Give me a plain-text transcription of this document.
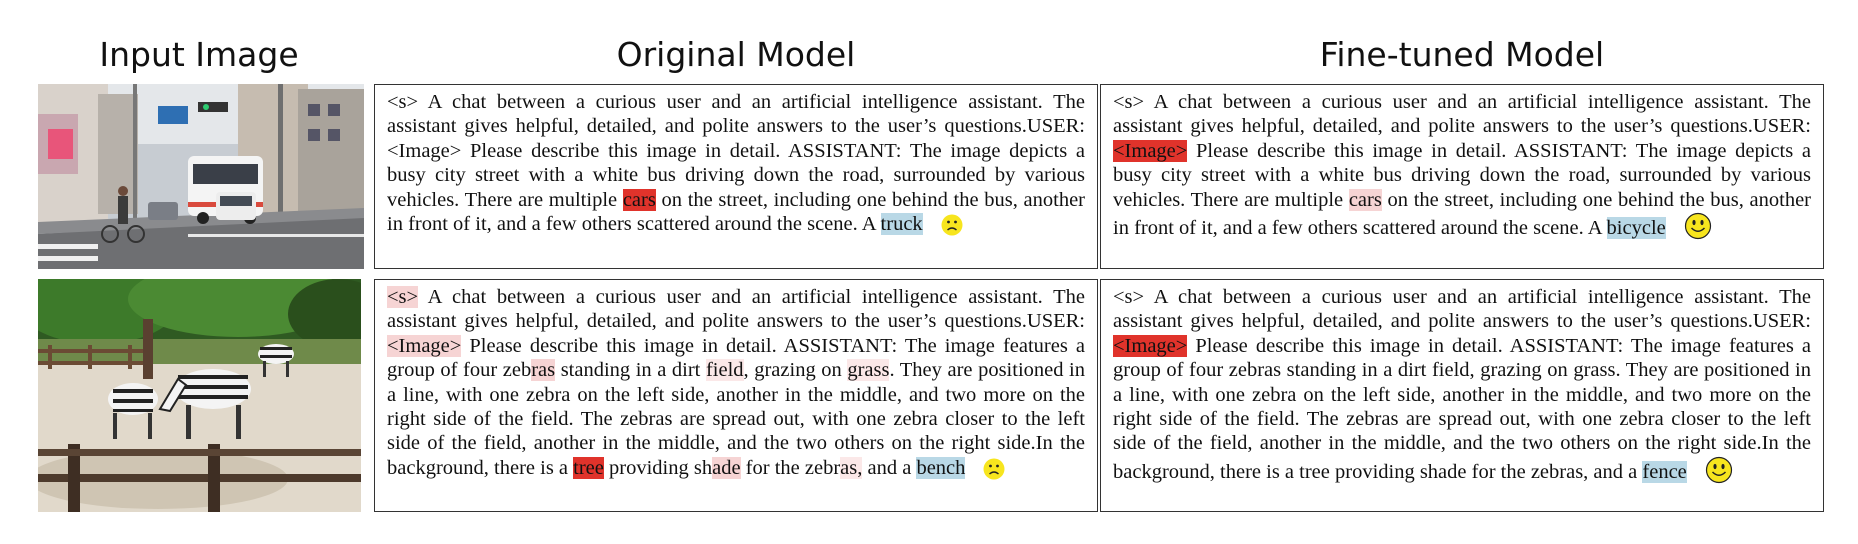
Input Image	Original Model	Fine-tuned Model
<s> A chat between a curious user and an artificial intelligence assistant. The assistant gives helpful, detailed, and polite answers to the user’s questions.USER: <Image> Please describe this image in detail. ASSISTANT: The image depicts a busy city street with a white bus driving down the road, surrounded by various vehicles. There are multiple cars on the street, including one behind the bus, another in front of it, and a few others scattered around the scene. A truck
<s> A chat between a curious user and an artificial intelligence assistant. The assistant gives helpful, detailed, and polite answers to the user’s questions.USER: <Image> Please describe this image in detail. ASSISTANT: The image depicts a busy city street with a white bus driving down the road, surrounded by various vehicles. There are multiple cars on the street, including one behind the bus, another in front of it, and a few others scattered around the scene. A bicycle
<s> A chat between a curious user and an artificial intelligence assistant. The assistant gives helpful, detailed, and polite answers to the user’s questions.USER: <Image> Please describe this image in detail. ASSISTANT: The image features a group of four zebras standing in a dirt field, grazing on grass. They are positioned in a line, with one zebra on the left side, another in the middle, and two more on the right side of the field. The zebras are spread out, with one zebra closer to the left side of the field, another in the middle, and the two others on the right side.In the background, there is a tree providing shade for the zebras, and a bench
<s> A chat between a curious user and an artificial intelligence assistant. The assistant gives helpful, detailed, and polite answers to the user’s questions.USER: <Image> Please describe this image in detail. ASSISTANT: The image features a group of four zebras standing in a dirt field, grazing on grass. They are positioned in a line, with one zebra on the left side, another in the middle, and two more on the right side of the field. The zebras are spread out, with one zebra closer to the left side of the field, another in the middle, and the two others on the right side.In the background, there is a tree providing shade for the zebras, and a fence
